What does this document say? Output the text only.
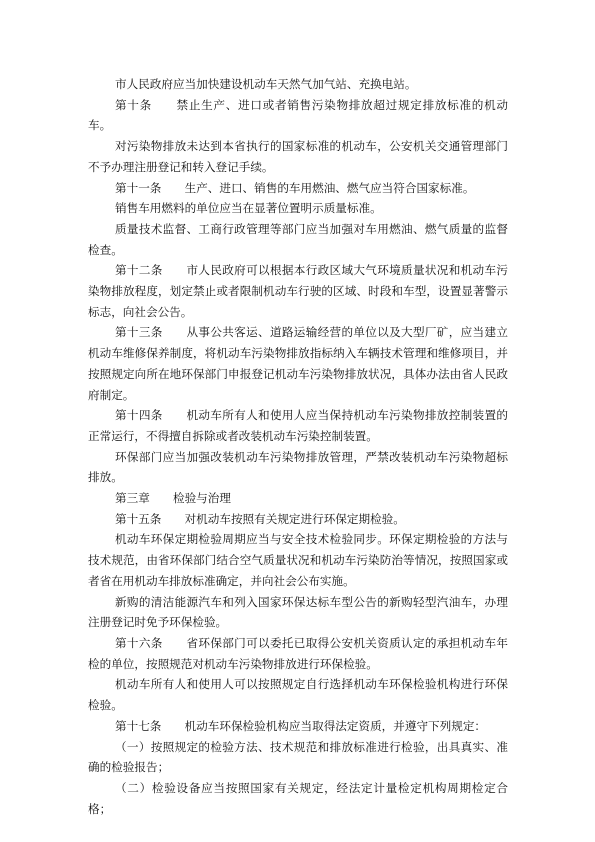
市人民政府应当加快建设机动车天然气加气站、充换电站。

第十条　　禁止生产、进口或者销售污染物排放超过规定排放标准的机动车。

对污染物排放未达到本省执行的国家标准的机动车，公安机关交通管理部门不予办理注册登记和转入登记手续。

第十一条　　生产、进口、销售的车用燃油、燃气应当符合国家标准。

销售车用燃料的单位应当在显著位置明示质量标准。

质量技术监督、工商行政管理等部门应当加强对车用燃油、燃气质量的监督检查。

第十二条　　市人民政府可以根据本行政区域大气环境质量状况和机动车污染物排放程度，划定禁止或者限制机动车行驶的区域、时段和车型，设置显著警示标志，向社会公告。

第十三条　　从事公共客运、道路运输经营的单位以及大型厂矿，应当建立机动车维修保养制度，将机动车污染物排放指标纳入车辆技术管理和维修项目，并按照规定向所在地环保部门申报登记机动车污染物排放状况，具体办法由省人民政府制定。

第十四条　　机动车所有人和使用人应当保持机动车污染物排放控制装置的正常运行，不得擅自拆除或者改装机动车污染控制装置。

环保部门应当加强改装机动车污染物排放管理，严禁改装机动车污染物超标排放。

第三章　　检验与治理

第十五条　　对机动车按照有关规定进行环保定期检验。

机动车环保定期检验周期应当与安全技术检验同步。环保定期检验的方法与技术规范，由省环保部门结合空气质量状况和机动车污染防治等情况，按照国家或者省在用机动车排放标准确定，并向社会公布实施。

新购的清洁能源汽车和列入国家环保达标车型公告的新购轻型汽油车，办理注册登记时免予环保检验。

第十六条　　省环保部门可以委托已取得公安机关资质认定的承担机动车年检的单位，按照规范对机动车污染物排放进行环保检验。

机动车所有人和使用人可以按照规定自行选择机动车环保检验机构进行环保检验。

第十七条　　机动车环保检验机构应当取得法定资质，并遵守下列规定：

（一）按照规定的检验方法、技术规范和排放标准进行检验，出具真实、准确的检验报告；

（二）检验设备应当按照国家有关规定，经法定计量检定机构周期检定合格；
